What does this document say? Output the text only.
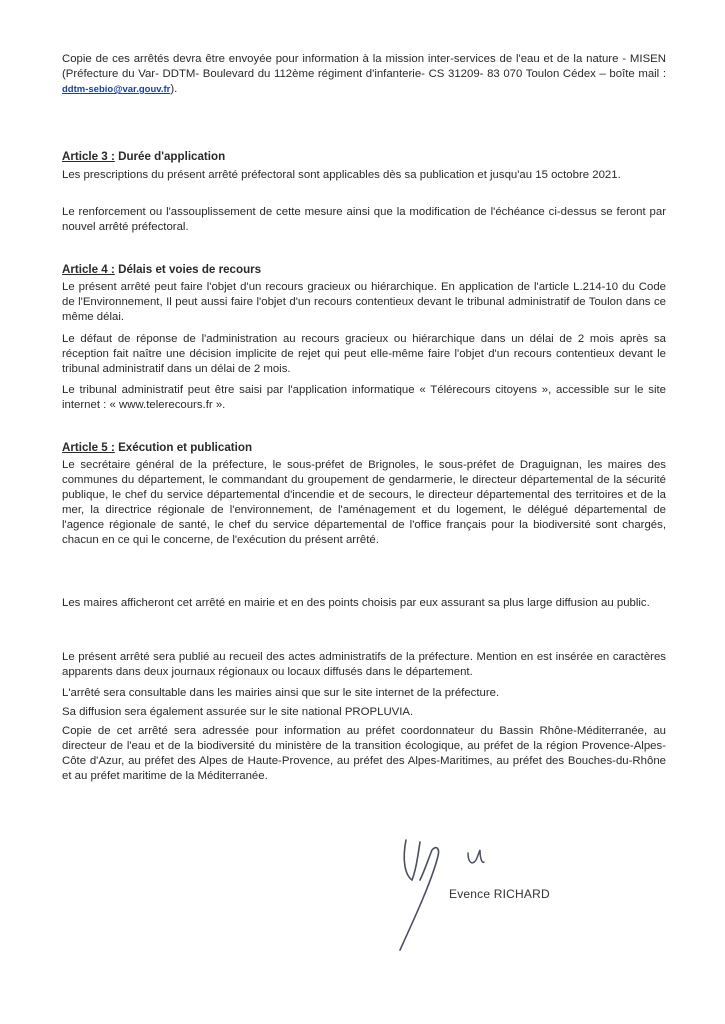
Copie de ces arrêtés devra être envoyée pour information à la mission inter-services de l'eau et de la nature - MISEN (Préfecture du Var- DDTM- Boulevard du 112ème régiment d'infanterie- CS 31209- 83 070 Toulon Cédex – boîte mail : ddtm-sebio@var.gouv.fr).

Article 3 : Durée d'application

Les prescriptions du présent arrêté préfectoral sont applicables dès sa publication et jusqu'au 15 octobre 2021.

Le renforcement ou l'assouplissement de cette mesure ainsi que la modification de l'échéance ci-dessus se feront par nouvel arrêté préfectoral.

Article 4 : Délais et voies de recours

Le présent arrêté peut faire l'objet d'un recours gracieux ou hiérarchique. En application de l'article L.214-10 du Code de l'Environnement, Il peut aussi faire l'objet d'un recours contentieux devant le tribunal administratif de Toulon dans ce même délai.

Le défaut de réponse de l'administration au recours gracieux ou hiérarchique dans un délai de 2 mois après sa réception fait naître une décision implicite de rejet qui peut elle-même faire l'objet d'un recours contentieux devant le tribunal administratif dans un délai de 2 mois.

Le tribunal administratif peut être saisi par l'application informatique « Télérecours citoyens », accessible sur le site internet : « www.telerecours.fr ».

Article 5 : Exécution et publication

Le secrétaire général de la préfecture, le sous-préfet de Brignoles, le sous-préfet de Draguignan, les maires des communes du département, le commandant du groupement de gendarmerie, le directeur départemental de la sécurité publique, le chef du service départemental d'incendie et de secours, le directeur départemental des territoires et de la mer, la directrice régionale de l'environnement, de l'aménagement et du logement, le délégué départemental de l'agence régionale de santé, le chef du service départemental de l'office français pour la biodiversité sont chargés, chacun en ce qui le concerne, de l'exécution du présent arrêté.

Les maires afficheront cet arrêté en mairie et en des points choisis par eux assurant sa plus large diffusion au public.

Le présent arrêté sera publié au recueil des actes administratifs de la préfecture. Mention en est insérée en caractères apparents dans deux journaux régionaux ou locaux diffusés dans le département.

L'arrêté sera consultable dans les mairies ainsi que sur le site internet de la préfecture.

Sa diffusion sera également assurée sur le site national PROPLUVIA.

Copie de cet arrêté sera adressée pour information au préfet coordonnateur du Bassin Rhône-Méditerranée, au directeur de l'eau et de la biodiversité du ministère de la transition écologique, au préfet de la région Provence-Alpes-Côte d'Azur, au préfet des Alpes de Haute-Provence, au préfet des Alpes-Maritimes, au préfet des Bouches-du-Rhône et au préfet maritime de la Méditerranée.

Evence RICHARD
